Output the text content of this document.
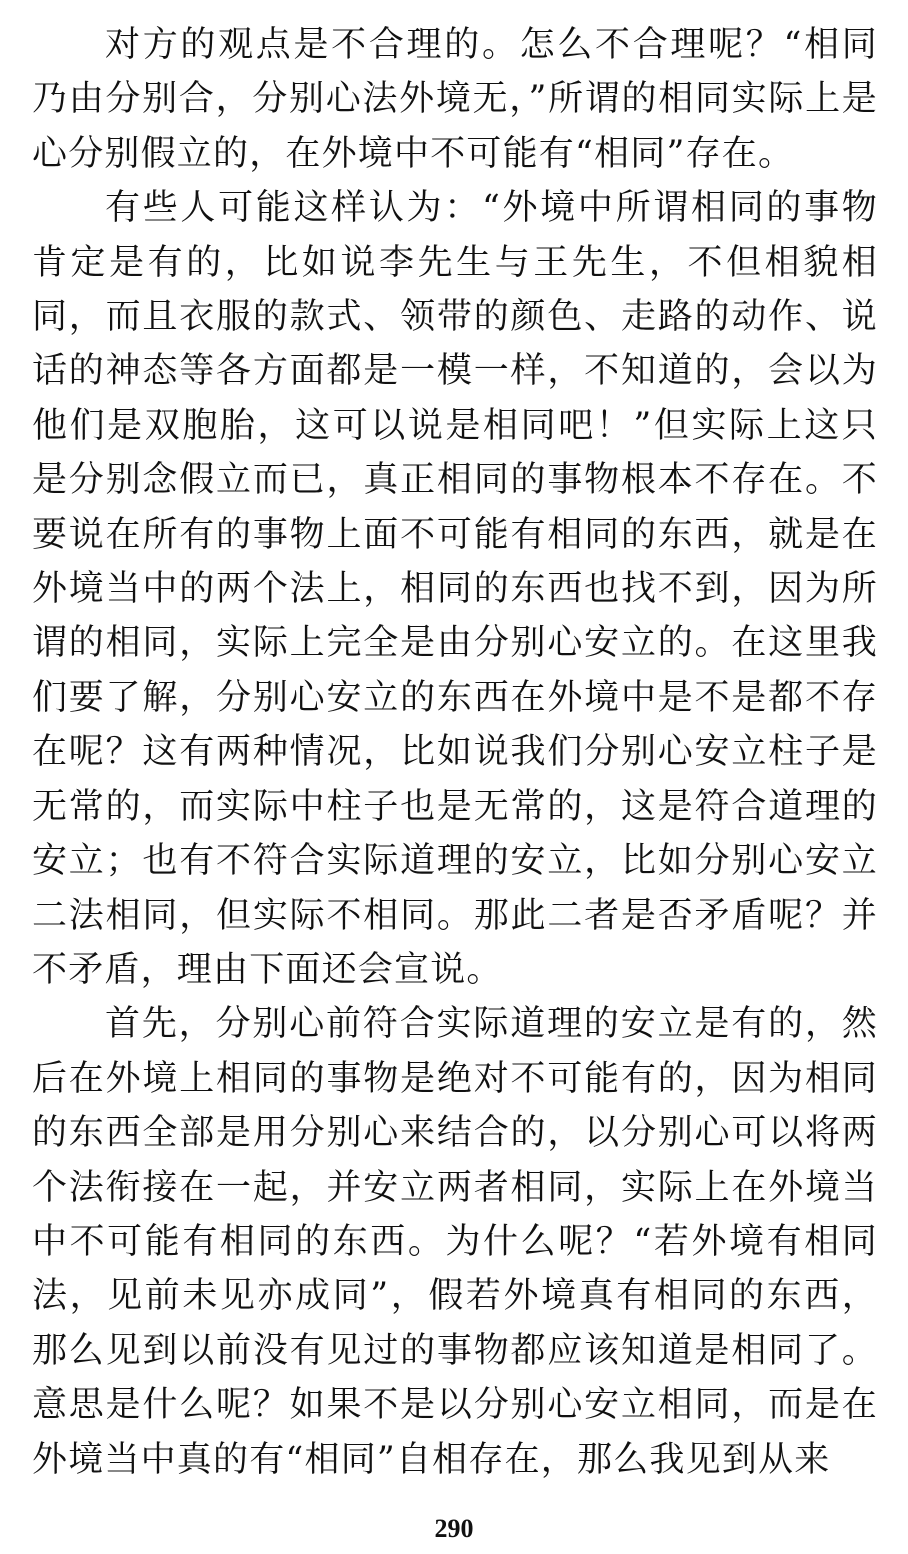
对方的观点是不合理的。怎么不合理呢？“相同乃由分别合，分别心法外境无，”所谓的相同实际上是心分别假立的，在外境中不可能有“相同”存在。

有些人可能这样认为：“外境中所谓相同的事物肯定是有的，比如说李先生与王先生，不但相貌相同，而且衣服的款式、领带的颜色、走路的动作、说话的神态等各方面都是一模一样，不知道的，会以为他们是双胞胎，这可以说是相同吧！”但实际上这只是分别念假立而已，真正相同的事物根本不存在。不要说在所有的事物上面不可能有相同的东西，就是在外境当中的两个法上，相同的东西也找不到，因为所谓的相同，实际上完全是由分别心安立的。在这里我们要了解，分别心安立的东西在外境中是不是都不存在呢？这有两种情况，比如说我们分别心安立柱子是无常的，而实际中柱子也是无常的，这是符合道理的安立；也有不符合实际道理的安立，比如分别心安立二法相同，但实际不相同。那此二者是否矛盾呢？并不矛盾，理由下面还会宣说。

首先，分别心前符合实际道理的安立是有的，然后在外境上相同的事物是绝对不可能有的，因为相同的东西全部是用分别心来结合的，以分别心可以将两个法衔接在一起，并安立两者相同，实际上在外境当中不可能有相同的东西。为什么呢？“若外境有相同法，见前未见亦成同”，假若外境真有相同的东西，那么见到以前没有见过的事物都应该知道是相同了。意思是什么呢？如果不是以分别心安立相同，而是在外境当中真的有“相同”自相存在，那么我见到从来

290
